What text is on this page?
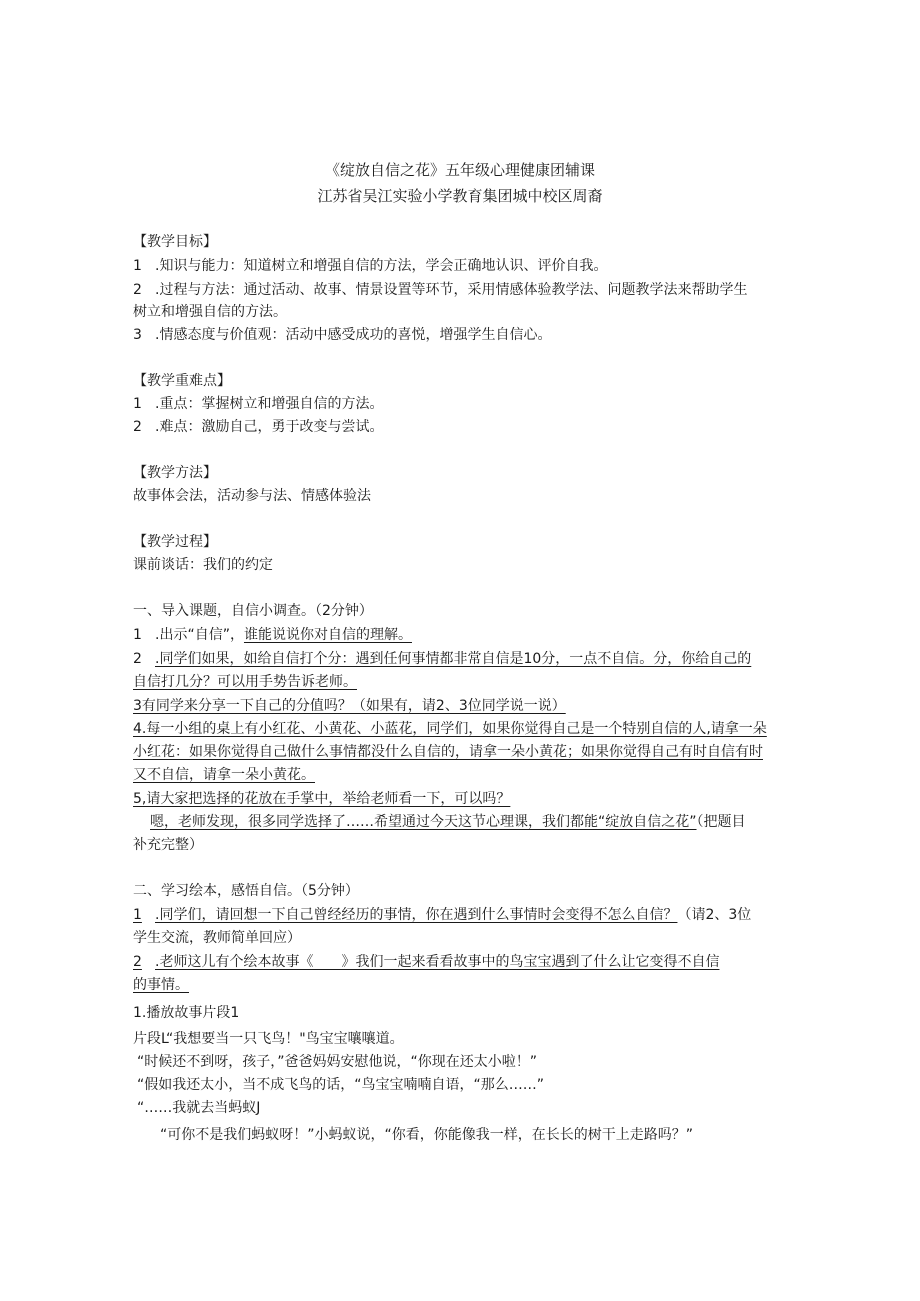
《绽放自信之花》五年级心理健康团辅课
江苏省吴江实验小学教育集团城中校区周裔
【教学目标】
1 .知识与能力：知道树立和增强自信的方法，学会正确地认识、评价自我。
2 .过程与方法：通过活动、故事、情景设置等环节，采用情感体验教学法、问题教学法来帮助学生
树立和增强自信的方法。
3 .情感态度与价值观：活动中感受成功的喜悦，增强学生自信心。
【教学重难点】
1 .重点：掌握树立和增强自信的方法。
2 .难点：激励自己，勇于改变与尝试。
【教学方法】
故事体会法，活动参与法、情感体验法
【教学过程】
课前谈话：我们的约定
一、导入课题，自信小调查。（2分钟）
1 .出示“自信”，谁能说说你对自信的理解。
2 .同学们如果，如给自信打个分：遇到任何事情都非常自信是10分，一点不自信。分，你给自己的
自信打几分？可以用手势告诉老师。
3有同学来分享一下自己的分值吗？（如果有，请2、3位同学说一说）
4.每一小组的桌上有小红花、小黄花、小蓝花，同学们，如果你觉得自己是一个特别自信的人,请拿一朵
小红花：如果你觉得自己做什么事情都没什么自信的，请拿一朵小黄花；如果你觉得自己有时自信有时
又不自信，请拿一朵小黄花。
5,请大家把选择的花放在手掌中，举给老师看一下，可以吗？
嗯，老师发现，很多同学选择了……希望通过今天这节心理课，我们都能“绽放自信之花”（把题目
补充完整）
二、学习绘本，感悟自信。（5分钟）
1 .同学们，请回想一下自己曾经经历的事情，你在遇到什么事情时会变得不怎么自信？（请2、3位
学生交流，教师简单回应）
2 .老师这儿有个绘本故事《　　》我们一起来看看故事中的鸟宝宝遇到了什么让它变得不自信
的事情。
1.播放故事片段1
片段L“我想要当一只飞鸟！"鸟宝宝嚷嚷道。
“时候还不到呀，孩子，”爸爸妈妈安慰他说，“你现在还太小啦！”
“假如我还太小，当不成飞鸟的话，“鸟宝宝喃喃自语，“那么……”
“……我就去当蚂蚁J
“可你不是我们蚂蚁呀！”小蚂蚁说，“你看，你能像我一样，在长长的树干上走路吗？”
